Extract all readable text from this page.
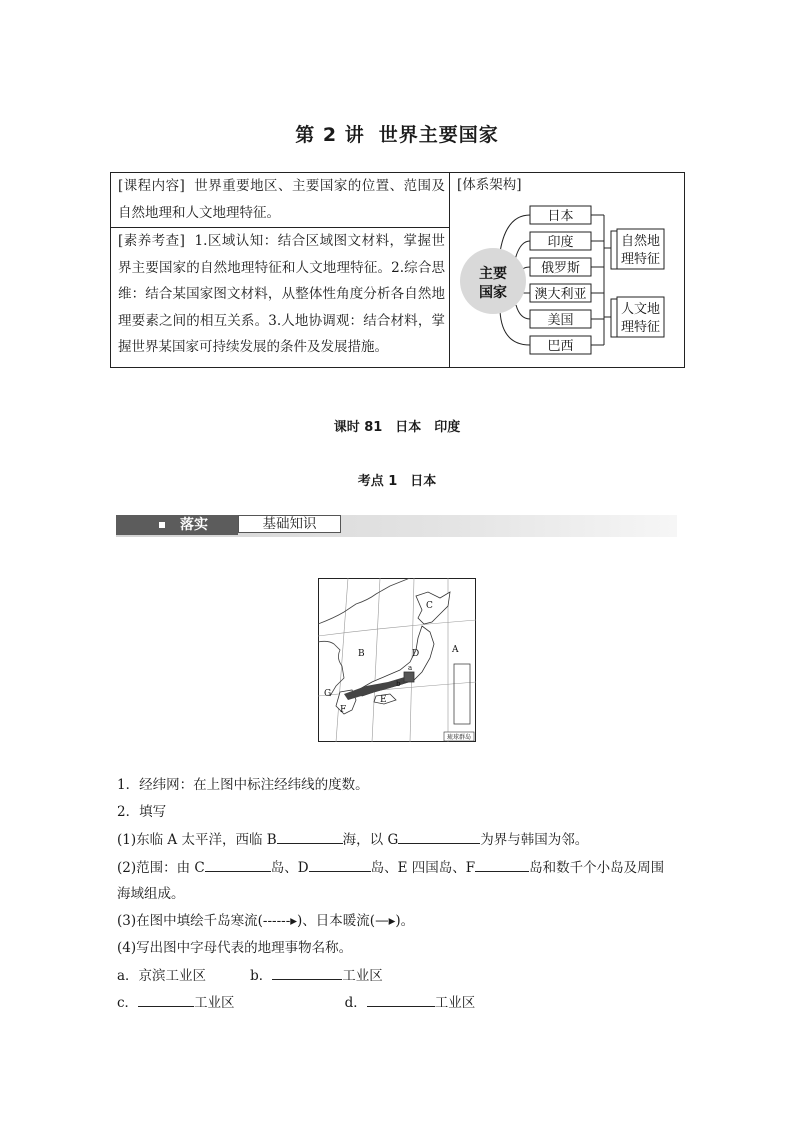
第 2 讲 世界主要国家
[课程内容] 世界重要地区、主要国家的位置、范围及自然地理和人文地理特征。
[素养考查] 1.区域认知：结合区域图文材料，掌握世界主要国家的自然地理特征和人文地理特征。2.综合思维：结合某国家图文材料，从整体性角度分析各自然地理要素之间的相互关系。3.人地协调观：结合材料，掌握世界某国家可持续发展的条件及发展措施。
[体系架构]
主要
国家
日本
印度
俄罗斯
澳大利亚
美国
巴西
自然地
理特征
人文地
理特征
课时 81　日本　印度
考点 1　日本
落实	基础知识
A
B
C
D
E
F
G
a
b
琉球群岛
1．经纬网：在上图中标注经纬线的度数。
2．填写
(1)东临 A 太平洋，西临 B	海，以 G	为界与韩国为邻。
(2)范围：由 C	岛、D	岛、E 四国岛、F	岛和数千个小岛及周围
海域组成。
(3)在图中填绘千岛寒流(------▸)、日本暖流(—▸)。
(4)写出图中字母代表的地理事物名称。
a．京滨工业区	b．	工业区
c．	工业区	d．	工业区
